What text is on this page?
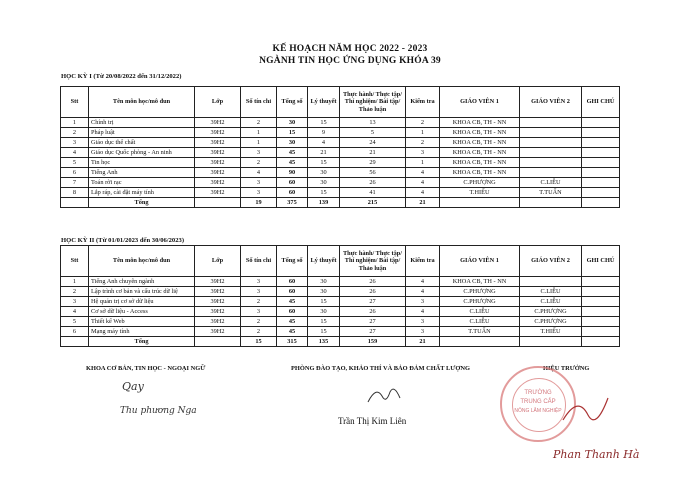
KẾ HOẠCH NĂM HỌC 2022 - 2023
NGÀNH TIN HỌC ỨNG DỤNG KHÓA 39
HỌC KỲ I (Từ 20/08/2022 đến 31/12/2022)
Stt	Tên môn học/mô đun	Lớp	Số tín chỉ	Tổng số	Lý thuyết	Thực hành/ Thực tập/ Thí nghiệm/ Bài tập/ Thảo luận	Kiểm tra	GIÁO VIÊN 1	GIÁO VIÊN 2	GHI CHÚ
1	Chính trị	39H2	2	30	15	13	2	KHOA CB, TH - NN		
2	Pháp luật	39H2	1	15	9	5	1	KHOA CB, TH - NN		
3	Giáo dục thể chất	39H2	1	30	4	24	2	KHOA CB, TH - NN		
4	Giáo dục Quốc phòng - An ninh	39H2	3	45	21	21	3	KHOA CB, TH - NN		
5	Tin học	39H2	2	45	15	29	1	KHOA CB, TH - NN		
6	Tiếng Anh	39H2	4	90	30	56	4	KHOA CB, TH - NN		
7	Toán rời rạc	39H2	3	60	30	26	4	C.PHƯỢNG	C.LIỄU	
8	Lắp ráp, cài đặt máy tính	39H2	3	60	15	41	4	T.HIẾU	T.TUẤN	
	Tổng		19	375	139	215	21			
HỌC KỲ II (Từ 01/01/2023 đến 30/06/2023)
Stt	Tên môn học/mô đun	Lớp	Số tín chỉ	Tổng số	Lý thuyết	Thực hành/ Thực tập/ Thí nghiệm/ Bài tập/ Thảo luận	Kiểm tra	GIÁO VIÊN 1	GIÁO VIÊN 2	GHI CHÚ
1	Tiếng Anh chuyên ngành	39H2	3	60	30	26	4	KHOA CB, TH - NN		
2	Lập trình cơ bản và cấu trúc dữ liệ	39H2	3	60	30	26	4	C.PHƯỢNG	C.LIỄU	
3	Hệ quản trị cơ sở dữ liệu	39H2	2	45	15	27	3	C.PHƯỢNG	C.LIỄU	
4	Cơ sở dữ liệu - Access	39H2	3	60	30	26	4	C.LIỄU	C.PHƯỢNG	
5	Thiết kế Web	39H2	2	45	15	27	3	C.LIỄU	C.PHƯỢNG	
6	Mạng máy tính	39H2	2	45	15	27	3	T.TUẤN	T.HIẾU	
	Tổng		15	315	135	159	21			
KHOA CƠ BẢN, TIN HỌC - NGOẠI NGỮ
Qay
Thu phương Nga
PHÒNG ĐÀO TẠO, KHẢO THÍ VÀ BẢO ĐẢM CHẤT LƯỢNG
Trần Thị Kim Liên
HIỆU TRƯỞNG
TRƯỜNG
TRUNG CẤP
NÔNG LÂM NGHIỆP
Phan Thanh Hà
